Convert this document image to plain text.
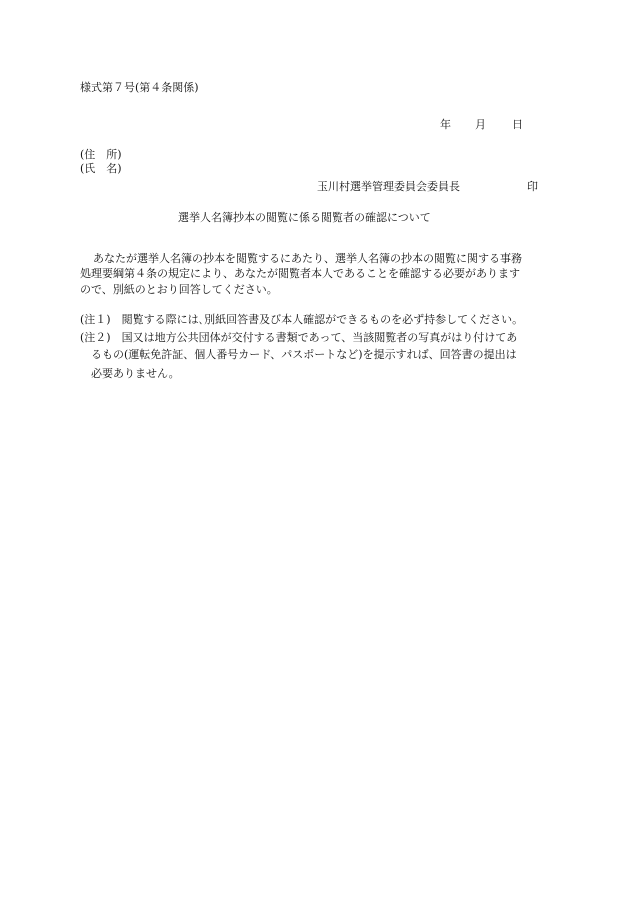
様式第７号(第４条関係)
年 月 日
(住　所)
(氏　名)
玉川村選挙管理委員会委員長	印
選挙人名簿抄本の閲覧に係る閲覧者の確認について
あなたが選挙人名簿の抄本を閲覧するにあたり、選挙人名簿の抄本の閲覧に関する事務
処理要綱第４条の規定により、あなたが閲覧者本人であることを確認する必要があります
ので、別紙のとおり回答してください。
(注１)　閲覧する際には､別紙回答書及び本人確認ができるものを必ず持参してください。
(注２)　国又は地方公共団体が交付する書類であって、当該閲覧者の写真がはり付けてあ
るもの(運転免許証、個人番号カード、パスポートなど)を提示すれば、回答書の提出は
必要ありません。
